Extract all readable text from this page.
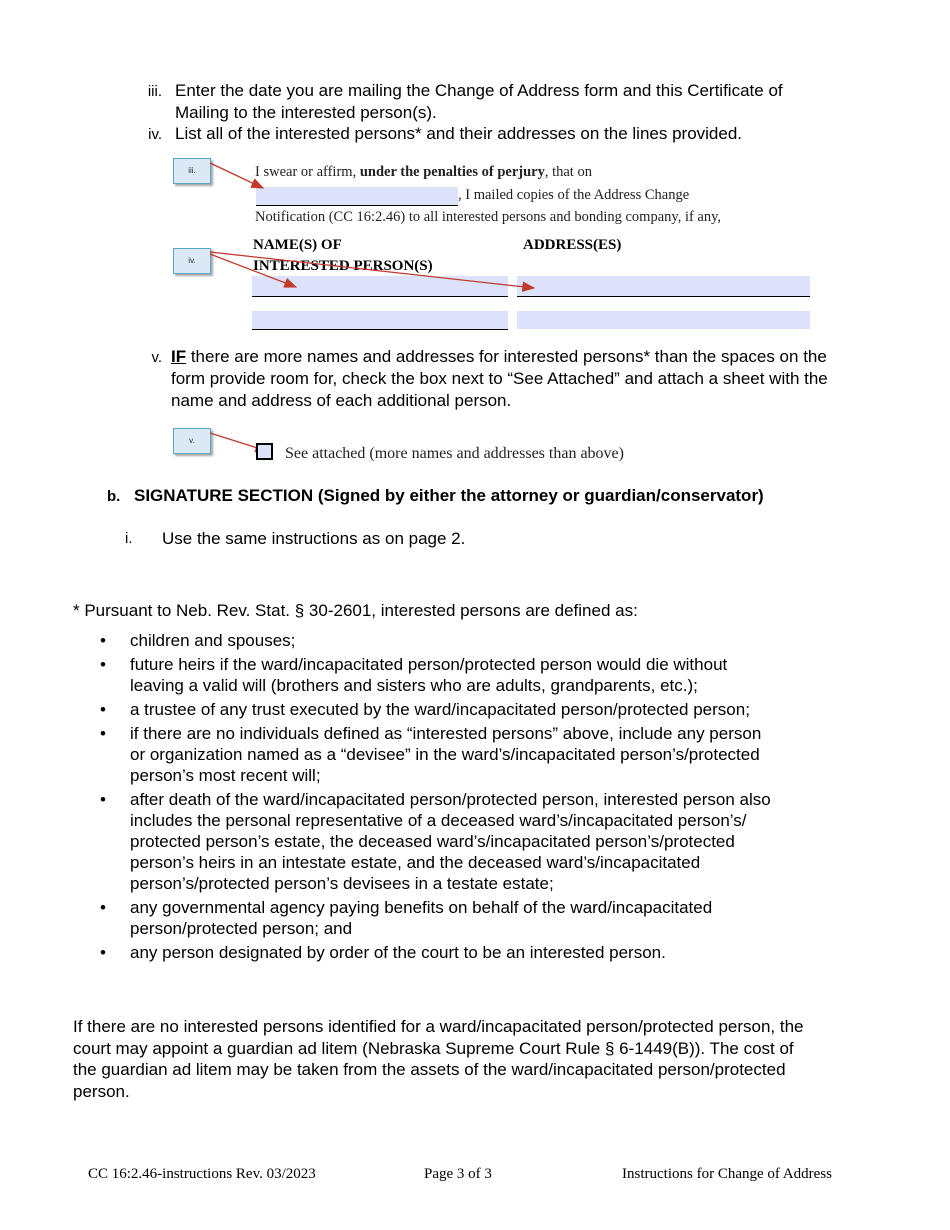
iii. Enter the date you are mailing the Change of Address form and this Certificate of
Mailing to the interested person(s).
iv. List all of the interested persons* and their addresses on the lines provided.
iii.
iv.
v.
I swear or affirm, under the penalties of perjury, that on
, I mailed copies of the Address Change
Notification (CC 16:2.46) to all interested persons and bonding company, if any,
NAME(S) OF
INTERESTED PERSON(S)
ADDRESS(ES)
v. IF there are more names and addresses for interested persons* than the spaces on the
form provide room for, check the box next to “See Attached” and attach a sheet with the
name and address of each additional person.
See attached (more names and addresses than above)
b. SIGNATURE SECTION (Signed by either the attorney or guardian/conservator)
i. Use the same instructions as on page 2.
* Pursuant to Neb. Rev. Stat. § 30-2601, interested persons are defined as:
• children and spouses;
• future heirs if the ward/incapacitated person/protected person would die without
leaving a valid will (brothers and sisters who are adults, grandparents, etc.);
• a trustee of any trust executed by the ward/incapacitated person/protected person;
• if there are no individuals defined as “interested persons” above, include any person
or organization named as a “devisee” in the ward’s/incapacitated person’s/protected
person’s most recent will;
• after death of the ward/incapacitated person/protected person, interested person also
includes the personal representative of a deceased ward’s/incapacitated person’s/
protected person’s estate, the deceased ward’s/incapacitated person’s/protected
person’s heirs in an intestate estate, and the deceased ward’s/incapacitated
person’s/protected person’s devisees in a testate estate;
• any governmental agency paying benefits on behalf of the ward/incapacitated
person/protected person; and
• any person designated by order of the court to be an interested person.
If there are no interested persons identified for a ward/incapacitated person/protected person, the
court may appoint a guardian ad litem (Nebraska Supreme Court Rule § 6-1449(B)). The cost of
the guardian ad litem may be taken from the assets of the ward/incapacitated person/protected
person.
CC 16:2.46-instructions Rev. 03/2023	Page 3 of 3	Instructions for Change of Address
